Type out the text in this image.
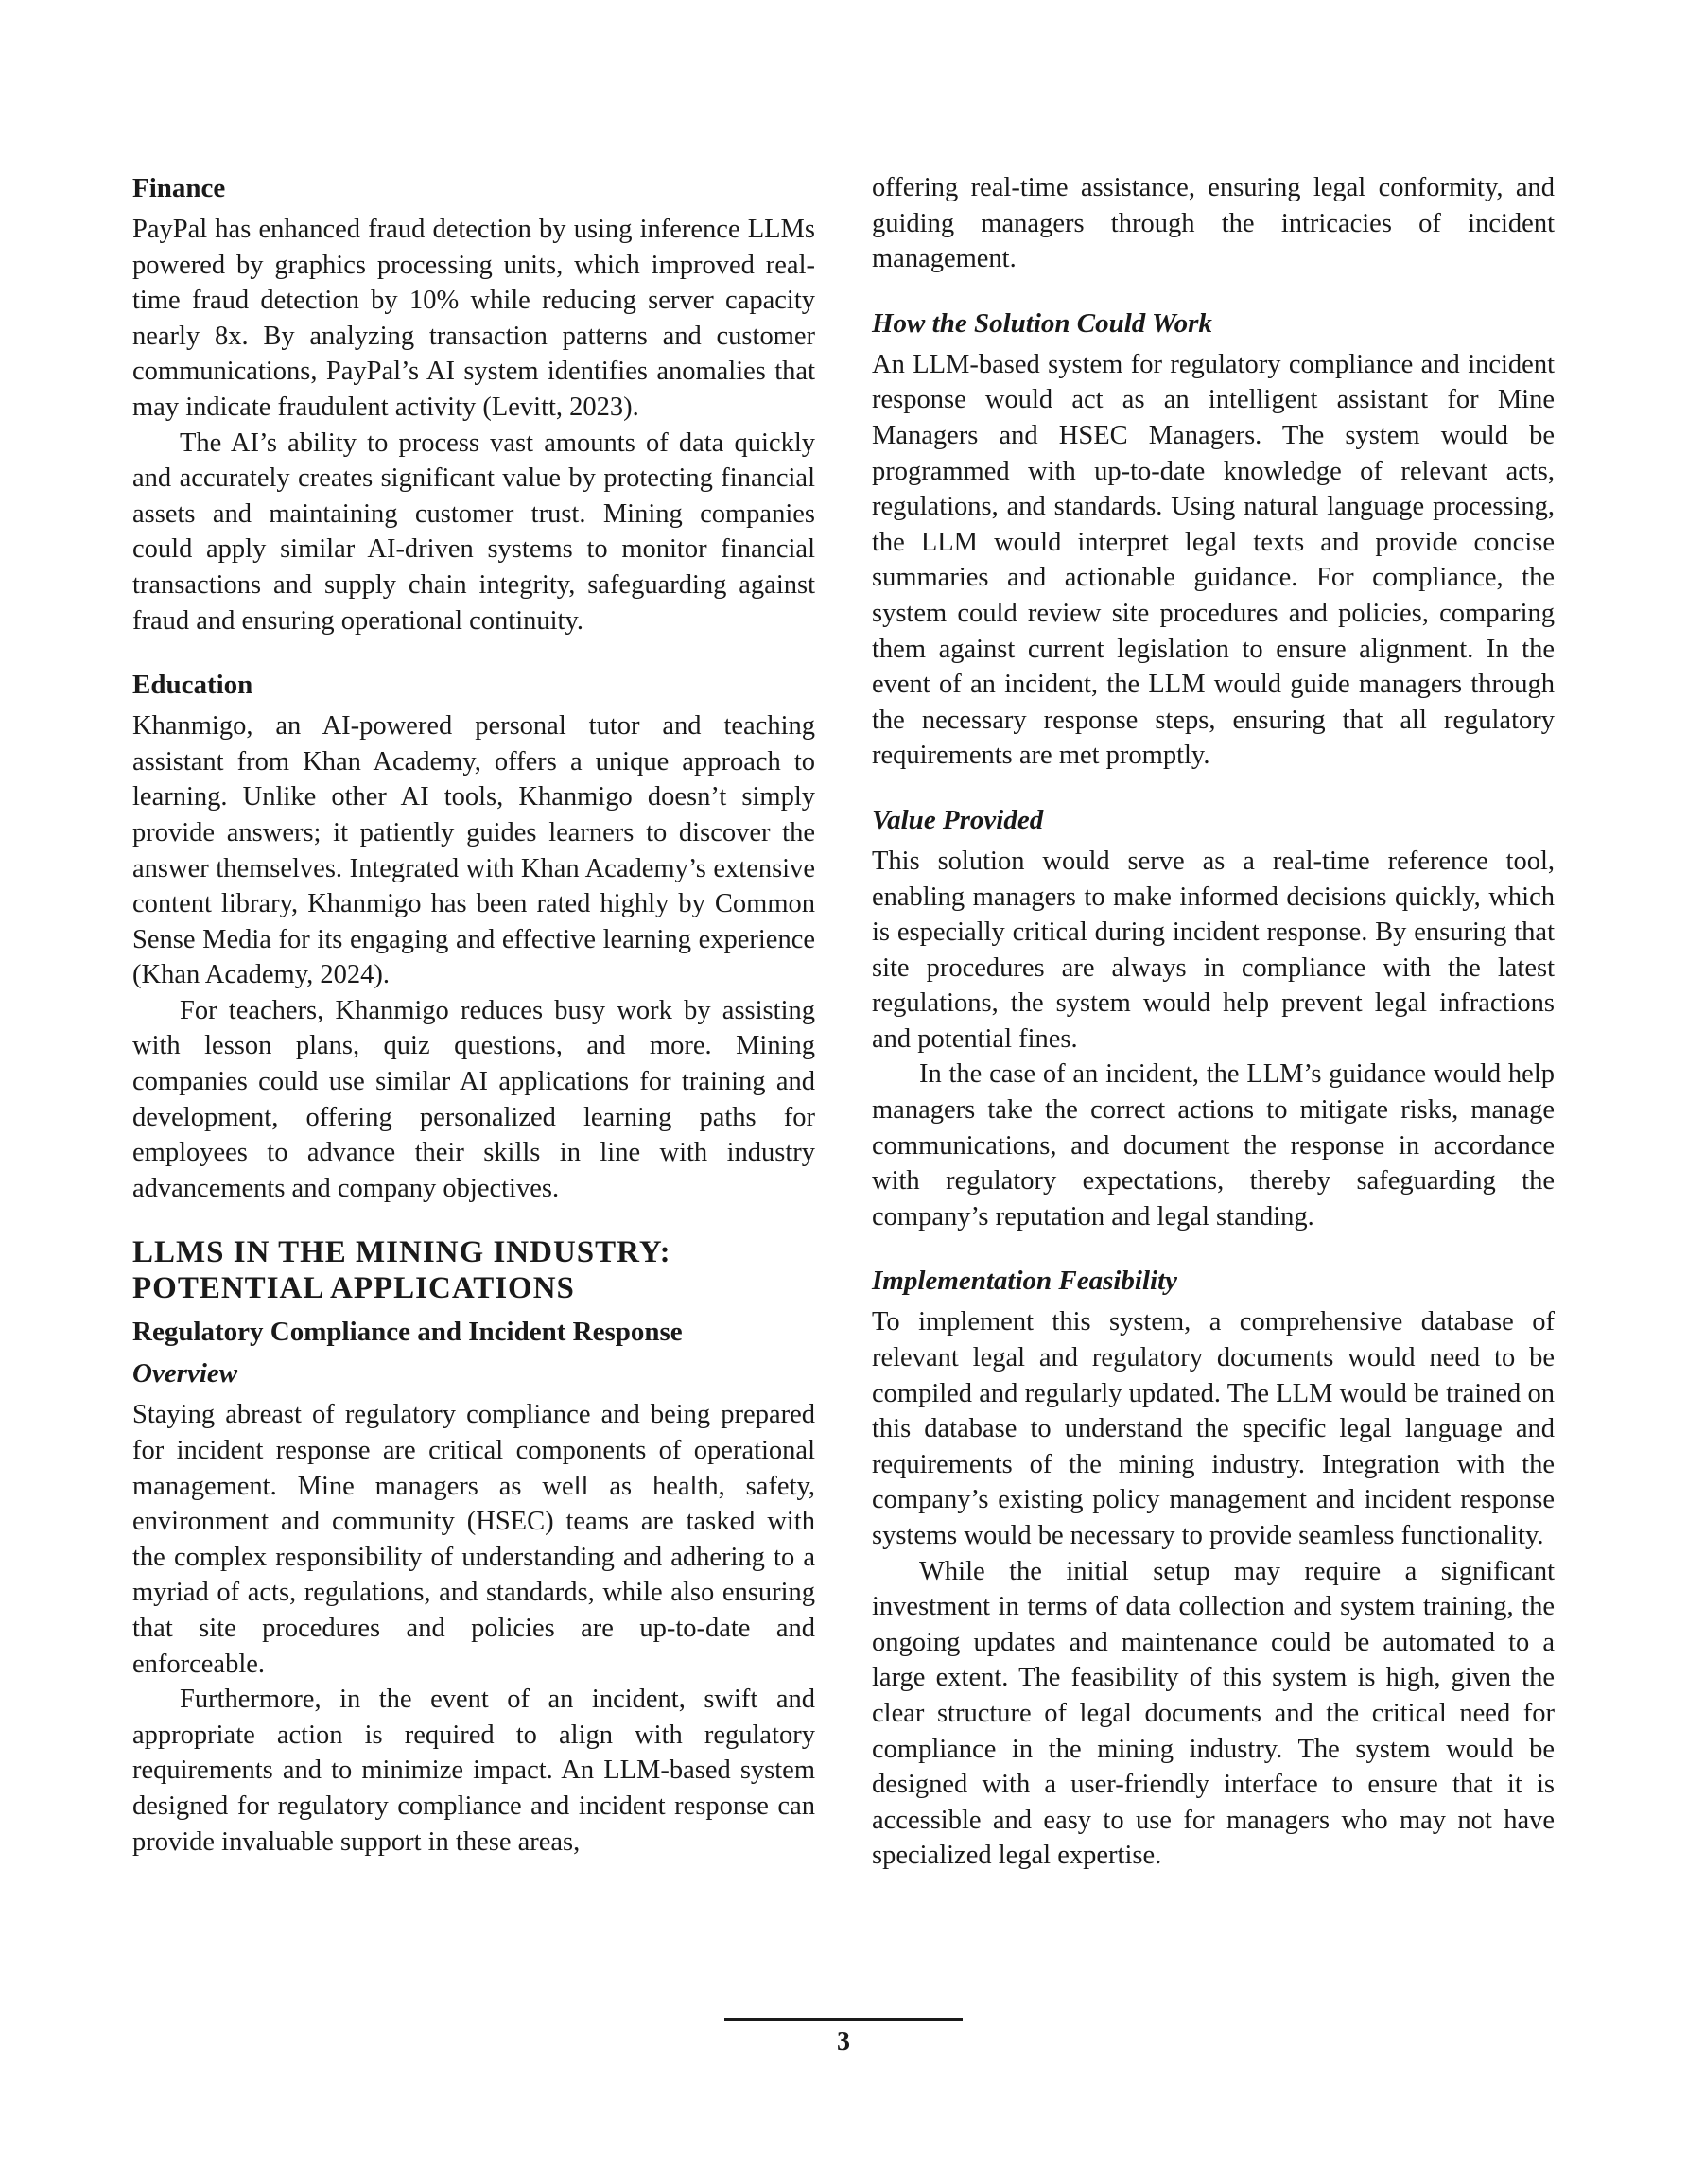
Finance

PayPal has enhanced fraud detection by using inference LLMs powered by graphics processing units, which improved real-time fraud detection by 10% while reducing server capacity nearly 8x. By analyzing transaction patterns and customer communications, PayPal’s AI system identifies anomalies that may indicate fraudulent activity (Levitt, 2023).

The AI’s ability to process vast amounts of data quickly and accurately creates significant value by protecting financial assets and maintaining customer trust. Mining companies could apply similar AI-driven systems to monitor financial transactions and supply chain integrity, safeguarding against fraud and ensuring operational continuity.

Education

Khanmigo, an AI-powered personal tutor and teaching assistant from Khan Academy, offers a unique approach to learning. Unlike other AI tools, Khanmigo doesn’t simply provide answers; it patiently guides learners to discover the answer themselves. Integrated with Khan Academy’s extensive content library, Khanmigo has been rated highly by Common Sense Media for its engaging and effective learning experience (Khan Academy, 2024).

For teachers, Khanmigo reduces busy work by assisting with lesson plans, quiz questions, and more. Mining companies could use similar AI applications for training and development, offering personalized learning paths for employees to advance their skills in line with industry advancements and company objectives.

LLMS IN THE MINING INDUSTRY:
POTENTIAL APPLICATIONS
Regulatory Compliance and Incident Response
Overview

Staying abreast of regulatory compliance and being prepared for incident response are critical components of operational management. Mine managers as well as health, safety, environment and community (HSEC) teams are tasked with the complex responsibility of understanding and adhering to a myriad of acts, regulations, and standards, while also ensuring that site procedures and policies are up-to-date and enforceable.

Furthermore, in the event of an incident, swift and appropriate action is required to align with regulatory requirements and to minimize impact. An LLM-based system designed for regulatory compliance and incident response can provide invaluable support in these areas,

offering real-time assistance, ensuring legal conformity, and guiding managers through the intricacies of incident management.

How the Solution Could Work

An LLM-based system for regulatory compliance and incident response would act as an intelligent assistant for Mine Managers and HSEC Managers. The system would be programmed with up-to-date knowledge of relevant acts, regulations, and standards. Using natural language processing, the LLM would interpret legal texts and provide concise summaries and actionable guidance. For compliance, the system could review site procedures and policies, comparing them against current legislation to ensure alignment. In the event of an incident, the LLM would guide managers through the necessary response steps, ensuring that all regulatory requirements are met promptly.

Value Provided

This solution would serve as a real-time reference tool, enabling managers to make informed decisions quickly, which is especially critical during incident response. By ensuring that site procedures are always in compliance with the latest regulations, the system would help prevent legal infractions and potential fines.

In the case of an incident, the LLM’s guidance would help managers take the correct actions to mitigate risks, manage communications, and document the response in accordance with regulatory expectations, thereby safeguarding the company’s reputation and legal standing.

Implementation Feasibility

To implement this system, a comprehensive database of relevant legal and regulatory documents would need to be compiled and regularly updated. The LLM would be trained on this database to understand the specific legal language and requirements of the mining industry. Integration with the company’s existing policy management and incident response systems would be necessary to provide seamless functionality.

While the initial setup may require a significant investment in terms of data collection and system training, the ongoing updates and maintenance could be automated to a large extent. The feasibility of this system is high, given the clear structure of legal documents and the critical need for compliance in the mining industry. The system would be designed with a user-friendly interface to ensure that it is accessible and easy to use for managers who may not have specialized legal expertise.

3
